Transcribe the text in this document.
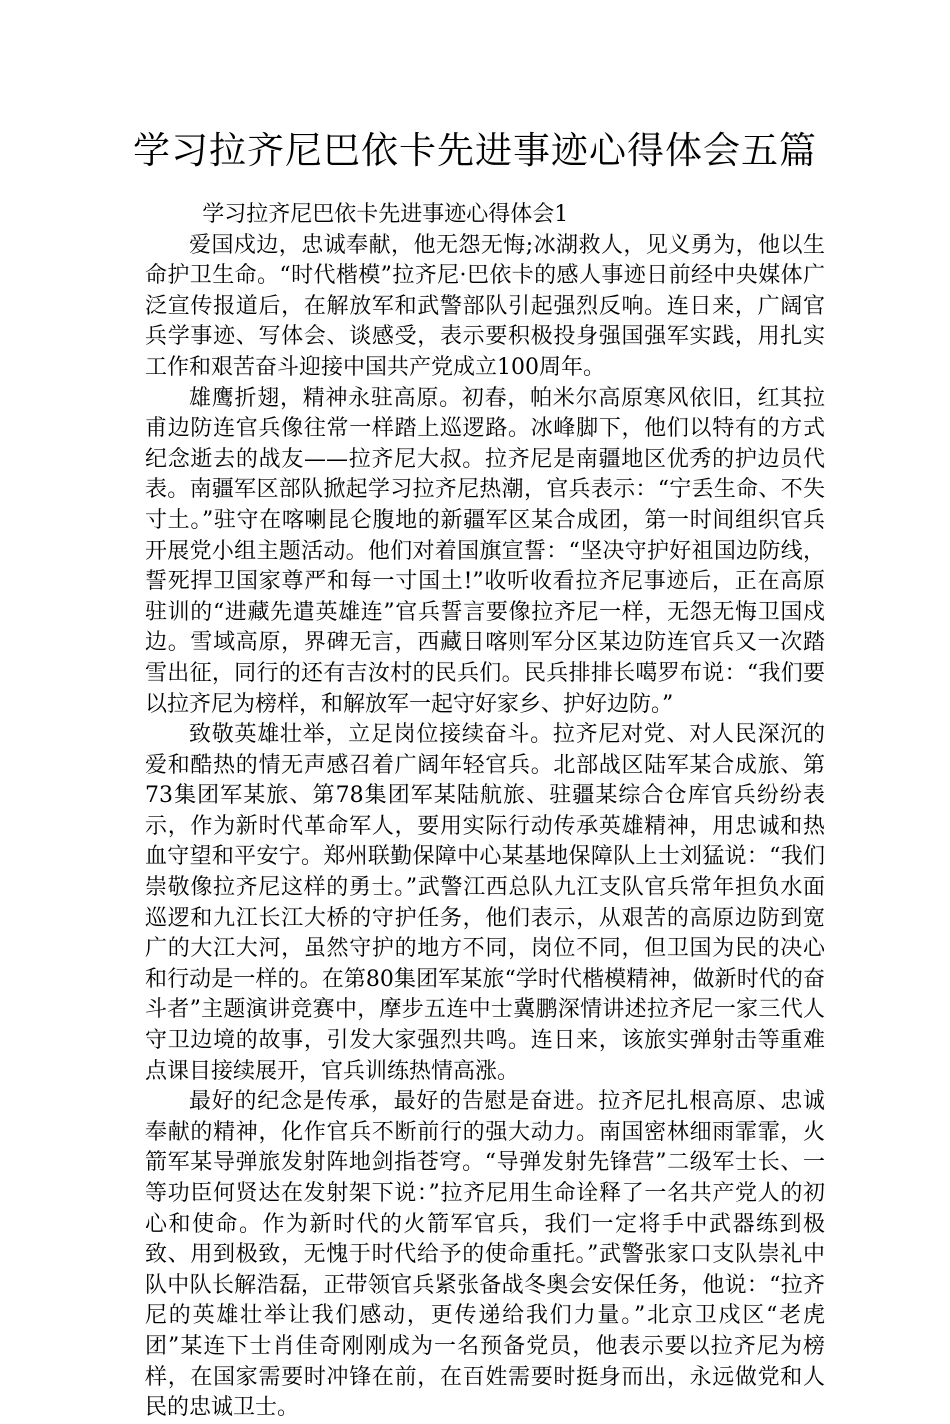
学习拉齐尼巴依卡先进事迹心得体会五篇

学习拉齐尼巴依卡先进事迹心得体会1

爱国戍边，忠诚奉献，他无怨无悔;冰湖救人，见义勇为，他以生命护卫生命。“时代楷模”拉齐尼·巴依卡的感人事迹日前经中央媒体广泛宣传报道后，在解放军和武警部队引起强烈反响。连日来，广阔官兵学事迹、写体会、谈感受，表示要积极投身强国强军实践，用扎实工作和艰苦奋斗迎接中国共产党成立100周年。

雄鹰折翅，精神永驻高原。初春，帕米尔高原寒风依旧，红其拉甫边防连官兵像往常一样踏上巡逻路。冰峰脚下，他们以特有的方式纪念逝去的战友——拉齐尼大叔。拉齐尼是南疆地区优秀的护边员代表。南疆军区部队掀起学习拉齐尼热潮，官兵表示：“宁丢生命、不失寸土。”驻守在喀喇昆仑腹地的新疆军区某合成团，第一时间组织官兵开展党小组主题活动。他们对着国旗宣誓：“坚决守护好祖国边防线，誓死捍卫国家尊严和每一寸国土!”收听收看拉齐尼事迹后，正在高原驻训的“进藏先遣英雄连”官兵誓言要像拉齐尼一样，无怨无悔卫国戍边。雪域高原，界碑无言，西藏日喀则军分区某边防连官兵又一次踏雪出征，同行的还有吉汝村的民兵们。民兵排排长噶罗布说：“我们要以拉齐尼为榜样，和解放军一起守好家乡、护好边防。”

致敬英雄壮举，立足岗位接续奋斗。拉齐尼对党、对人民深沉的爱和酷热的情无声感召着广阔年轻官兵。北部战区陆军某合成旅、第73集团军某旅、第78集团军某陆航旅、驻疆某综合仓库官兵纷纷表示，作为新时代革命军人，要用实际行动传承英雄精神，用忠诚和热血守望和平安宁。郑州联勤保障中心某基地保障队上士刘猛说：“我们崇敬像拉齐尼这样的勇士。”武警江西总队九江支队官兵常年担负水面巡逻和九江长江大桥的守护任务，他们表示，从艰苦的高原边防到宽广的大江大河，虽然守护的地方不同，岗位不同，但卫国为民的决心和行动是一样的。在第80集团军某旅“学时代楷模精神，做新时代的奋斗者”主题演讲竞赛中，摩步五连中士冀鹏深情讲述拉齐尼一家三代人守卫边境的故事，引发大家强烈共鸣。连日来，该旅实弹射击等重难点课目接续展开，官兵训练热情高涨。

最好的纪念是传承，最好的告慰是奋进。拉齐尼扎根高原、忠诚奉献的精神，化作官兵不断前行的强大动力。南国密林细雨霏霏，火箭军某导弹旅发射阵地剑指苍穹。“导弹发射先锋营”二级军士长、一等功臣何贤达在发射架下说：”拉齐尼用生命诠释了一名共产党人的初心和使命。作为新时代的火箭军官兵，我们一定将手中武器练到极致、用到极致，无愧于时代给予的使命重托。”武警张家口支队崇礼中队中队长解浩磊，正带领官兵紧张备战冬奥会安保任务，他说：“拉齐尼的英雄壮举让我们感动，更传递给我们力量。”北京卫戍区“老虎团”某连下士肖佳奇刚刚成为一名预备党员，他表示要以拉齐尼为榜样，在国家需要时冲锋在前，在百姓需要时挺身而出，永远做党和人民的忠诚卫士。
